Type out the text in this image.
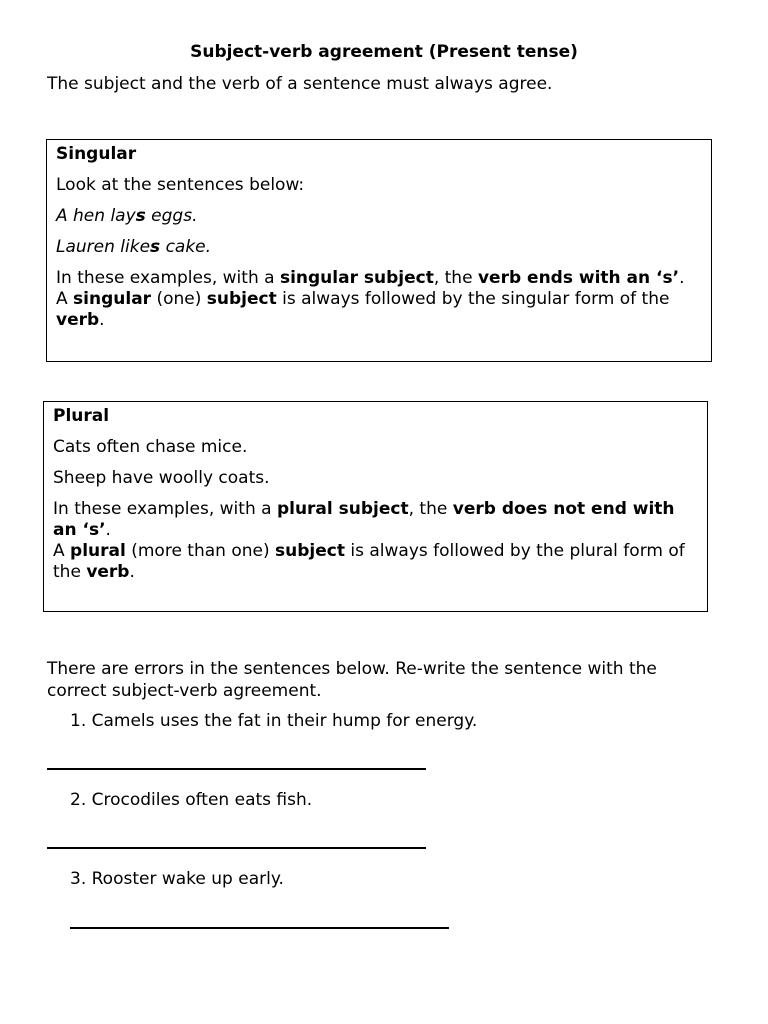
Subject-verb agreement (Present tense)
The subject and the verb of a sentence must always agree.

Singular

Look at the sentences below:

A hen lays eggs.

Lauren likes cake.

In these examples, with a singular subject, the verb ends with an ‘s’.

A singular (one) subject is always followed by the singular form of the verb.

Plural

Cats often chase mice.

Sheep have woolly coats.

In these examples, with a plural subject, the verb does not end with an ‘s’.

A plural (more than one) subject is always followed by the plural form of the verb.

There are errors in the sentences below. Re-write the sentence with the correct subject-verb agreement.
1. Camels uses the fat in their hump for energy.
2. Crocodiles often eats fish.
3. Rooster wake up early.
